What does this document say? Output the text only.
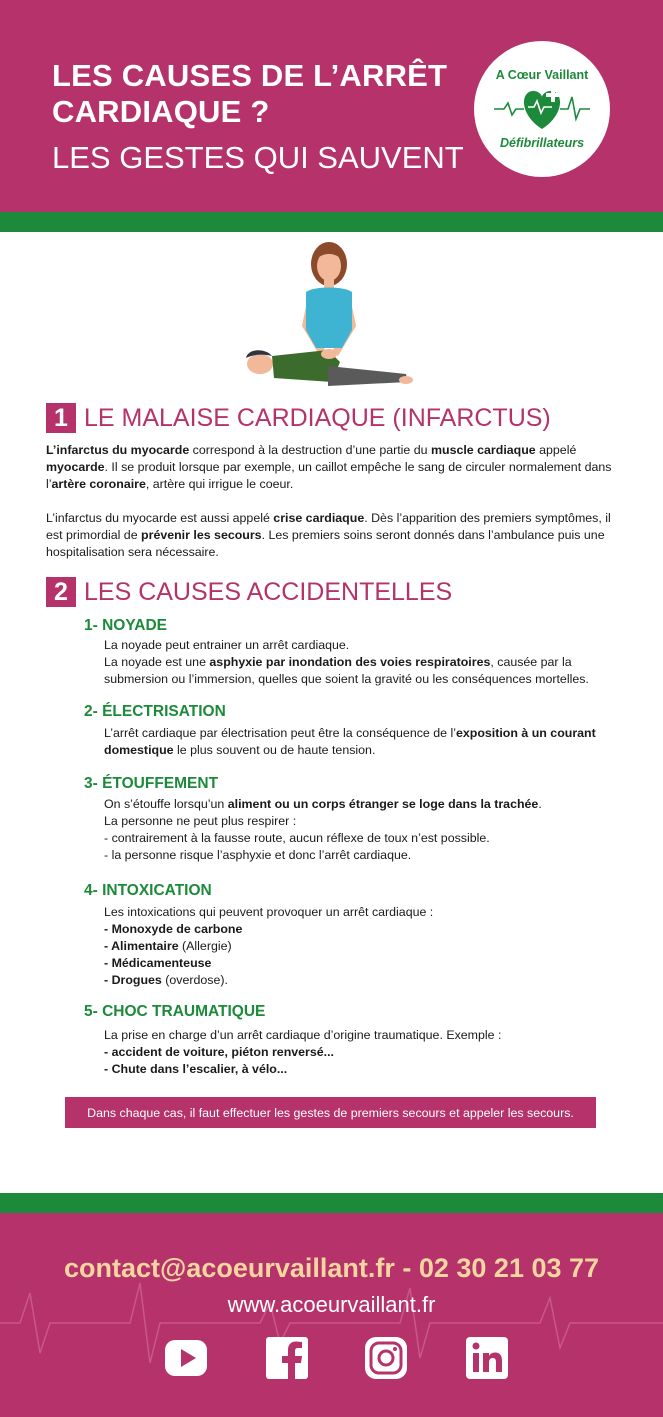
LES CAUSES DE L’ARRÊT
CARDIAQUE ?
LES GESTES QUI SAUVENT
A Cœur Vaillant
Défibrillateurs
1 LE MALAISE CARDIAQUE (INFARCTUS)
L’infarctus du myocarde correspond à la destruction d’une partie du muscle cardiaque appelé myocarde. Il se produit lorsque par exemple, un caillot empêche le sang de circuler normalement dans l’artère coronaire, artère qui irrigue le coeur.
L’infarctus du myocarde est aussi appelé crise cardiaque. Dès l’apparition des premiers symptômes, il est primordial de prévenir les secours. Les premiers soins seront donnés dans l’ambulance puis une hospitalisation sera nécessaire.
2 LES CAUSES ACCIDENTELLES
1- NOYADE
La noyade peut entrainer un arrêt cardiaque.
La noyade est une asphyxie par inondation des voies respiratoires, causée par la
submersion ou l’immersion, quelles que soient la gravité ou les conséquences mortelles.
2- ÉLECTRISATION
L’arrêt cardiaque par électrisation peut être la conséquence de l’exposition à un courant
domestique le plus souvent ou de haute tension.
3- ÉTOUFFEMENT
On s’étouffe lorsqu’un aliment ou un corps étranger se loge dans la trachée.
La personne ne peut plus respirer :
- contrairement à la fausse route, aucun réflexe de toux n’est possible.
- la personne risque l’asphyxie et donc l’arrêt cardiaque.
4- INTOXICATION
Les intoxications qui peuvent provoquer un arrêt cardiaque :
- Monoxyde de carbone
- Alimentaire (Allergie)
- Médicamenteuse
- Drogues (overdose).
5- CHOC TRAUMATIQUE
La prise en charge d’un arrêt cardiaque d’origine traumatique. Exemple :
- accident de voiture, piéton renversé...
- Chute dans l’escalier, à vélo...
Dans chaque cas, il faut effectuer les gestes de premiers secours et appeler les secours.
contact@acoeurvaillant.fr - 02 30 21 03 77
www.acoeurvaillant.fr
